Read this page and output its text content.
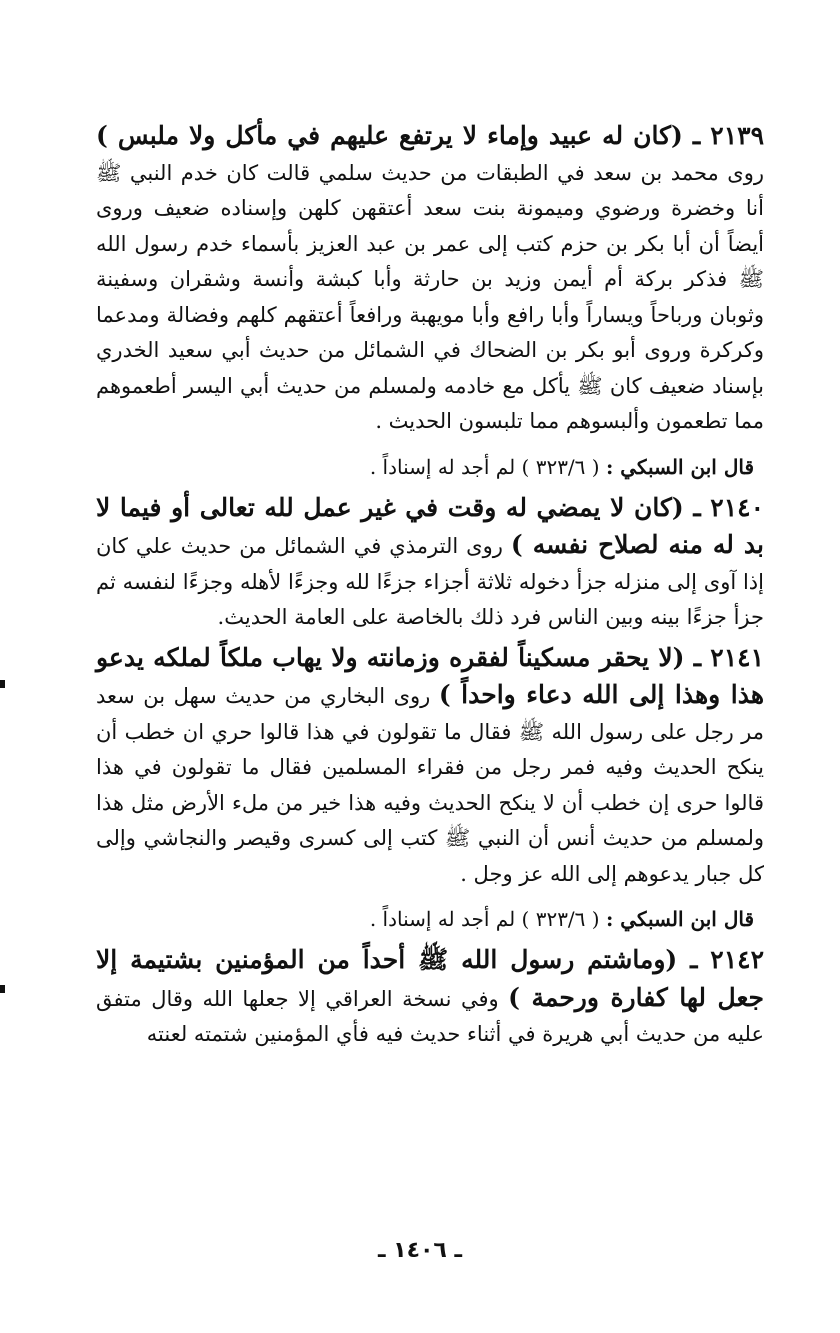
٢١٣٩ ـ (كان له عبيد وإماء لا يرتفع عليهم في مأكل ولا ملبس ) روى محمد بن سعد في الطبقات من حديث سلمي قالت كان خدم النبي ﷺ أنا وخضرة ورضوي وميمونة بنت سعد أعتقهن كلهن وإسناده ضعيف وروى أيضاً أن أبا بكر بن حزم كتب إلى عمر بن عبد العزيز بأسماء خدم رسول الله ﷺ فذكر بركة أم أيمن وزيد بن حارثة وأبا كبشة وأنسة وشقران وسفينة وثوبان ورباحاً ويساراً وأبا رافع وأبا مويهبة ورافعاً أعتقهم كلهم وفضالة ومدعما وكركرة وروى أبو بكر بن الضحاك في الشمائل من حديث أبي سعيد الخدري بإسناد ضعيف كان ﷺ يأكل مع خادمه ولمسلم من حديث أبي اليسر أطعموهم مما تطعمون وألبسوهم مما تلبسون الحديث .

قال ابن السبكي : ( ٣٢٣/٦ ) لم أجد له إسناداً .

٢١٤٠ ـ (كان لا يمضي له وقت في غير عمل لله تعالى أو فيما لا بد له منه لصلاح نفسه ) روى الترمذي في الشمائل من حديث علي كان إذا آوى إلى منزله جزأ دخوله ثلاثة أجزاء جزءًا لله وجزءًا لأهله وجزءًا لنفسه ثم جزأ جزءًا بينه وبين الناس فرد ذلك بالخاصة على العامة الحديث.

٢١٤١ ـ (لا يحقر مسكيناً لفقره وزمانته ولا يهاب ملكاً لملكه يدعو هذا وهذا إلى الله دعاء واحداً ) روى البخاري من حديث سهل بن سعد مر رجل على رسول الله ﷺ فقال ما تقولون في هذا قالوا حري ان خطب أن ينكح الحديث وفيه فمر رجل من فقراء المسلمين فقال ما تقولون في هذا قالوا حرى إن خطب أن لا ينكح الحديث وفيه هذا خير من ملء الأرض مثل هذا ولمسلم من حديث أنس أن النبي ﷺ كتب إلى كسرى وقيصر والنجاشي وإلى كل جبار يدعوهم إلى الله عز وجل .

قال ابن السبكي : ( ٣٢٣/٦ ) لم أجد له إسناداً .

٢١٤٢ ـ (وماشتم رسول الله ﷺ أحداً من المؤمنين بشتيمة إلا جعل لها كفارة ورحمة ) وفي نسخة العراقي إلا جعلها الله وقال متفق عليه من حديث أبي هريرة في أثناء حديث فيه فأي المؤمنين شتمته لعنته

ـ ١٤٠٦ ـ
